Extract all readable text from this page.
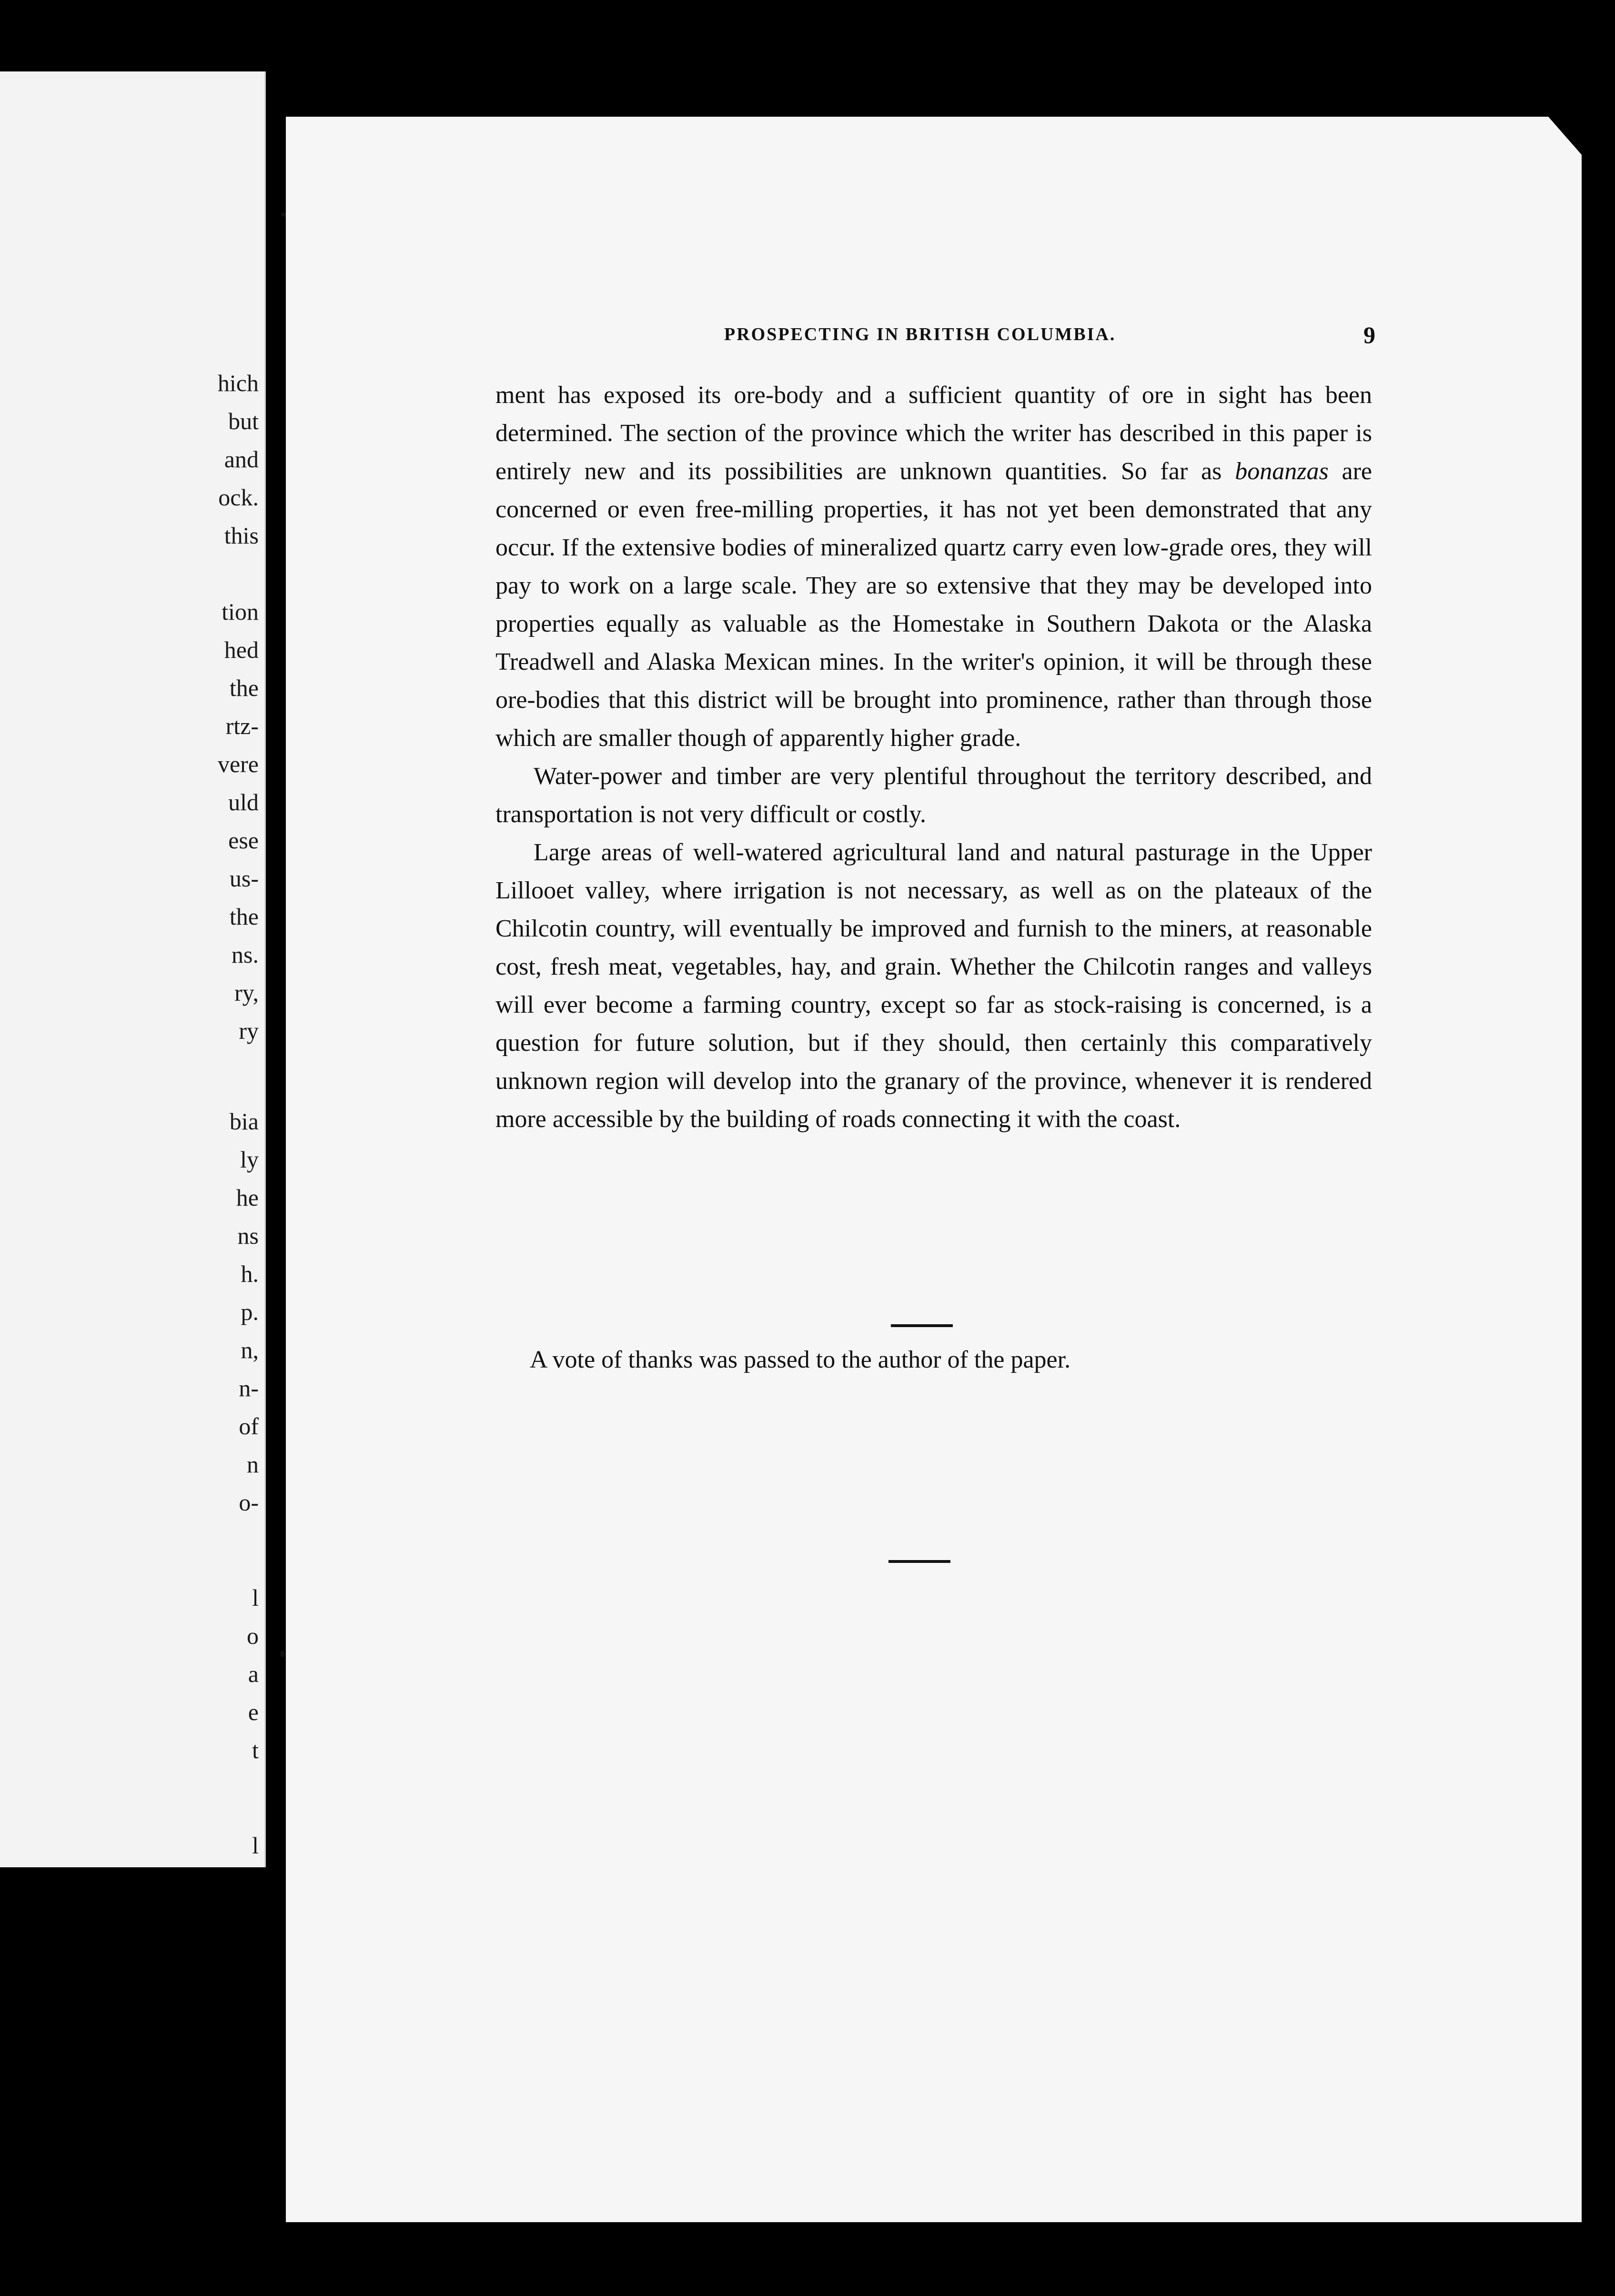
hich
but
and
ock.
this
tion
hed
the
rtz-
vere
uld
ese
us-
the
ns.
ry,
ry
bia
ly
he
ns
h.
p.
n,
n-
of
n
o-
l
o
a
e
t
l
PROSPECTING IN BRITISH COLUMBIA.	9

ment has exposed its ore-body and a sufficient quantity of ore in sight has been determined. The section of the province which the writer has described in this paper is entirely new and its possibilities are unknown quantities. So far as bonanzas are concerned or even free-milling properties, it has not yet been demonstrated that any occur. If the extensive bodies of mineralized quartz carry even low-grade ores, they will pay to work on a large scale. They are so extensive that they may be developed into properties equally as valuable as the Homestake in Southern Dakota or the Alaska Treadwell and Alaska Mexican mines. In the writer's opinion, it will be through these ore-bodies that this district will be brought into prominence, rather than through those which are smaller though of apparently higher grade.

Water-power and timber are very plentiful throughout the territory described, and transportation is not very difficult or costly.

Large areas of well-watered agricultural land and natural pasturage in the Upper Lillooet valley, where irrigation is not necessary, as well as on the plateaux of the Chilcotin country, will eventually be improved and furnish to the miners, at reasonable cost, fresh meat, vegetables, hay, and grain. Whether the Chilcotin ranges and valleys will ever become a farming country, except so far as stock-raising is concerned, is a question for future solution, but if they should, then certainly this comparatively unknown region will develop into the granary of the province, whenever it is rendered more accessible by the building of roads connecting it with the coast.

A vote of thanks was passed to the author of the paper.
